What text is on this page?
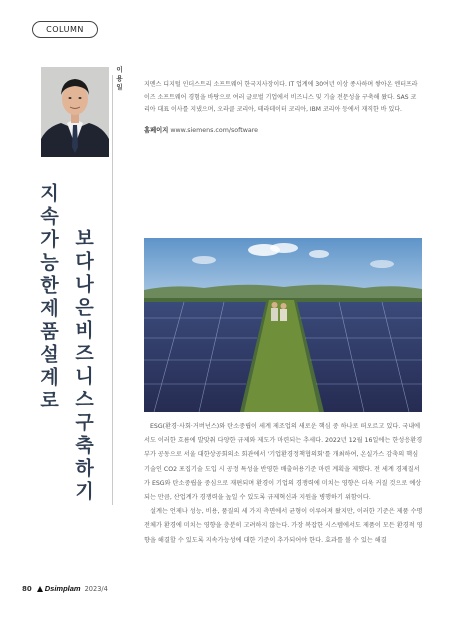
COLUMN
이 용 일	지멘스 디지털 인더스트리 소프트웨어 한국지사장이다. IT 업계에 30여년 이상 종사하며 쌓아온 엔터프라이즈 소프트웨어 경험을 바탕으로 여러 글로벌 기업에서 비즈니스 및 기술 전문성을 구축해 왔다. SAS 코리아 대표 이사를 지냈으며, 오라클 코리아, 테라데이터 코리아, IBM 코리아 등에서 재직한 바 있다.

홈페이지 www.siemens.com/software
지속가능한제품설계로 보다나은비즈니스구축하기	ESG(환경·사회·거버넌스)와 탄소중립이 세계 제조업의 새로운 핵심 중 하나로 떠오르고 있다. 국내에서도 이러한 흐름에 발맞춰 다양한 규제와 제도가 마련되는 추세다. 2022년 12월 16일에는 한성응환경부가 공동으로 서울 대한상공회의소 회관에서 '기업환경정책협의회'를 개최하여, 온실가스 감축의 핵심기술인 CO2 포집기술 도입 시 공정 특성을 반영한 배출허용기준 마련 계획을 제했다. 전 세계 경제질서가 ESG와 탄소중립을 중심으로 재편되며 환경이 기업의 경쟁력에 미치는 영향은 더욱 커질 것으로 예상되는 만큼, 산업계가 경쟁력을 높일 수 있도록 규제혁신과 지원을 병행하기 위함이다.

설계는 언제나 성능, 비용, 품질의 세 가지 측면에서 균형이 이루어져 왔지만, 이러한 기준은 제품 수명 전체가 환경에 미치는 영향을 충분히 고려하지 않는다. 가장 복잡한 시스템에서도 제품이 모든 환경적 영향을 해결할 수 있도록 지속가능성에 대한 기준이 추가되어야 한다. 효과를 볼 수 있는 해결

80 Dsimplam 2023/4
